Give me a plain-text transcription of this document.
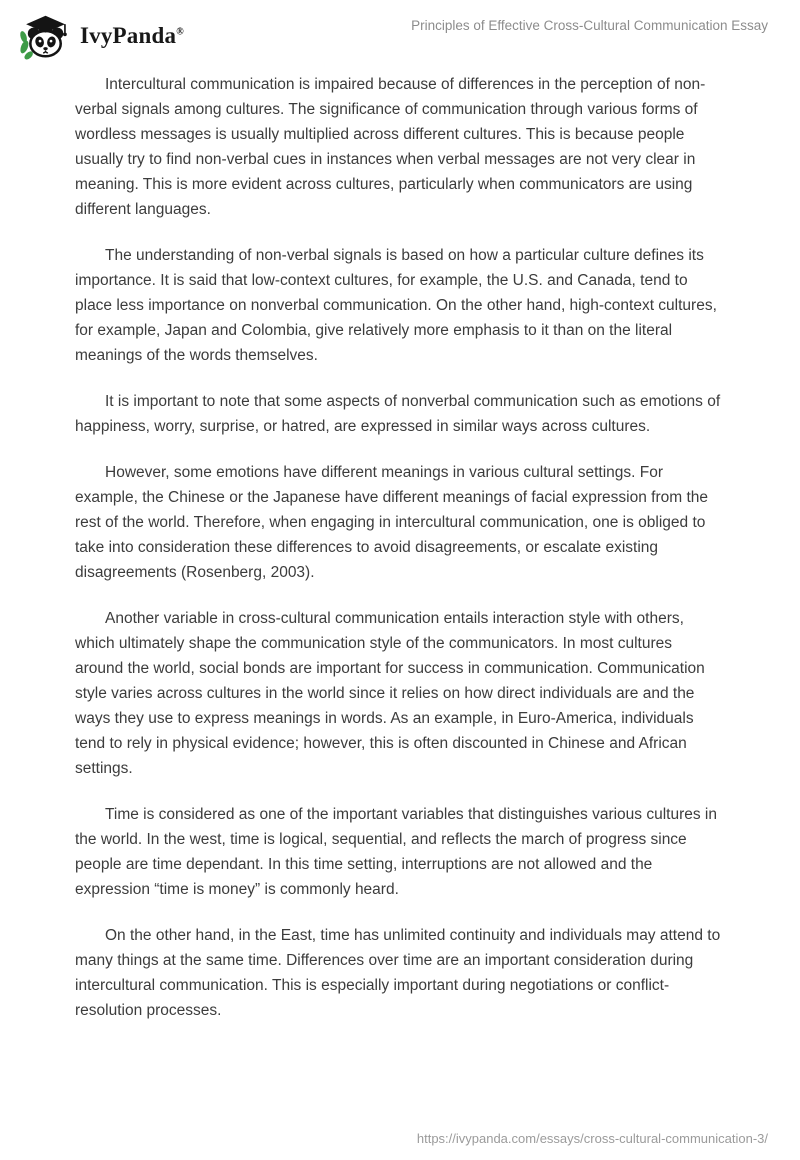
IvyPanda®	Principles of Effective Cross-Cultural Communication Essay

Intercultural communication is impaired because of differences in the perception of non-verbal signals among cultures. The significance of communication through various forms of wordless messages is usually multiplied across different cultures. This is because people usually try to find non-verbal cues in instances when verbal messages are not very clear in meaning. This is more evident across cultures, particularly when communicators are using different languages.

The understanding of non-verbal signals is based on how a particular culture defines its importance. It is said that low-context cultures, for example, the U.S. and Canada, tend to place less importance on nonverbal communication. On the other hand, high-context cultures, for example, Japan and Colombia, give relatively more emphasis to it than on the literal meanings of the words themselves.

It is important to note that some aspects of nonverbal communication such as emotions of happiness, worry, surprise, or hatred, are expressed in similar ways across cultures.

However, some emotions have different meanings in various cultural settings. For example, the Chinese or the Japanese have different meanings of facial expression from the rest of the world. Therefore, when engaging in intercultural communication, one is obliged to take into consideration these differences to avoid disagreements, or escalate existing disagreements (Rosenberg, 2003).

Another variable in cross-cultural communication entails interaction style with others, which ultimately shape the communication style of the communicators. In most cultures around the world, social bonds are important for success in communication. Communication style varies across cultures in the world since it relies on how direct individuals are and the ways they use to express meanings in words. As an example, in Euro-America, individuals tend to rely in physical evidence; however, this is often discounted in Chinese and African settings.

Time is considered as one of the important variables that distinguishes various cultures in the world. In the west, time is logical, sequential, and reflects the march of progress since people are time dependant. In this time setting, interruptions are not allowed and the expression “time is money” is commonly heard.

On the other hand, in the East, time has unlimited continuity and individuals may attend to many things at the same time. Differences over time are an important consideration during intercultural communication. This is especially important during negotiations or conflict-resolution processes.

https://ivypanda.com/essays/cross-cultural-communication-3/
